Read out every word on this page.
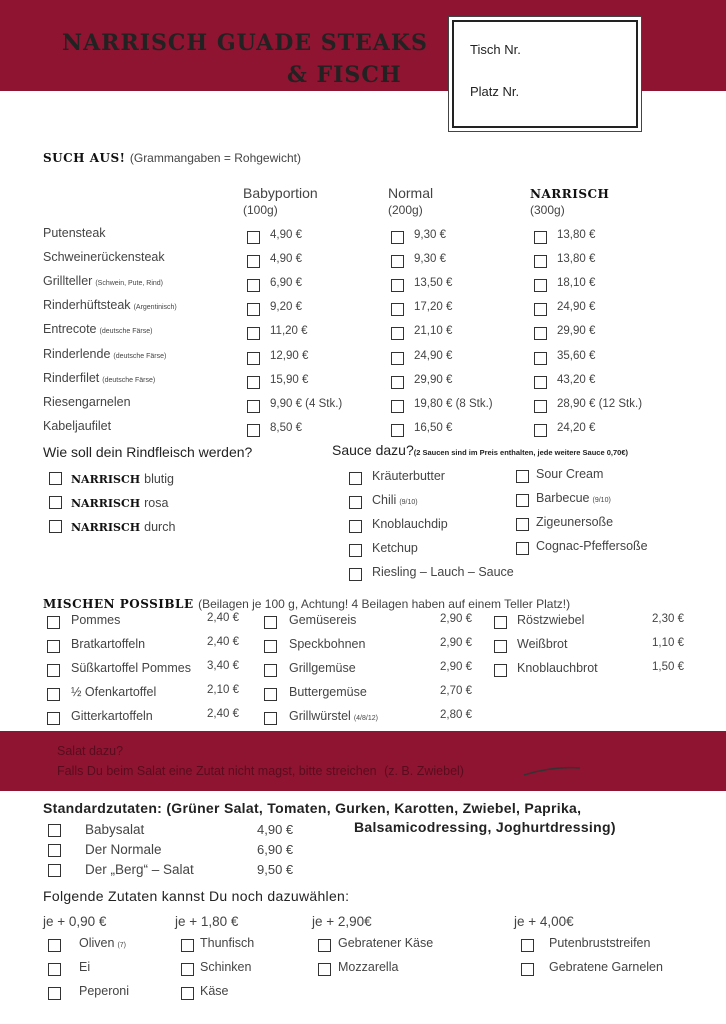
NARRISCH GUADE STEAKS
& FISCH
Tisch Nr.
Platz Nr.
SUCH AUS! (Grammangaben = Rohgewicht)
Babyportion
(100g)
Normal
(200g)
NARRISCH
(300g)
Putensteak	4,90 €	9,30 €	13,80 €
Schweinerückensteak	4,90 €	9,30 €	13,80 €
Grillteller (Schwein, Pute, Rind)	6,90 €	13,50 €	18,10 €
Rinderhüftsteak (Argentinisch)	9,20 €	17,20 €	24,90 €
Entrecote (deutsche Färse)	11,20 €	21,10 €	29,90 €
Rinderlende (deutsche Färse)	12,90 €	24,90 €	35,60 €
Rinderfilet (deutsche Färse)	15,90 €	29,90 €	43,20 €
Riesengarnelen	9,90 € (4 Stk.)	19,80 € (8 Stk.)	28,90 € (12 Stk.)
Kabeljaufilet	8,50 €	16,50 €	24,20 €
Wie soll dein Rindfleisch werden?
NARRISCH blutig
NARRISCH rosa
NARRISCH durch
Sauce dazu?(2 Saucen sind im Preis enthalten, jede weitere Sauce 0,70€)
Kräuterbutter
Chili (9/10)
Knoblauchdip
Ketchup
Riesling – Lauch – Sauce
Sour Cream
Barbecue (9/10)
Zigeunersoße
Cognac-Pfeffersoße
MISCHEN POSSIBLE (Beilagen je 100 g, Achtung! 4 Beilagen haben auf einem Teller Platz!)
Pommes	2,40 €
Bratkartoffeln	2,40 €
Süßkartoffel Pommes 3,40 €
½ Ofenkartoffel	2,10 €
Gitterkartoffeln	2,40 €
Gemüsereis	2,90 €
Speckbohnen	2,90 €
Grillgemüse	2,90 €
Buttergemüse	2,70 €
Grillwürstel (4/8/12)	2,80 €
Röstzwiebel	2,30 €
Weißbrot	1,10 €
Knoblauchbrot	1,50 €
Salat dazu?
Falls Du beim Salat eine Zutat nicht magst, bitte streichen (z. B. Zwiebel)
Standardzutaten: (Grüner Salat, Tomaten, Gurken, Karotten, Zwiebel, Paprika,
Balsamicodressing, Joghurtdressing)
Babysalat	4,90 €
Der Normale	6,90 €
Der „Berg“ – Salat	9,50 €
Folgende Zutaten kannst Du noch dazuwählen:
je + 0,90 €
Oliven (7)
Ei
Peperoni
je + 1,80 €
Thunfisch
Schinken
Käse
je + 2,90€
Gebratener Käse
Mozzarella
je + 4,00€
Putenbruststreifen
Gebratene Garnelen
